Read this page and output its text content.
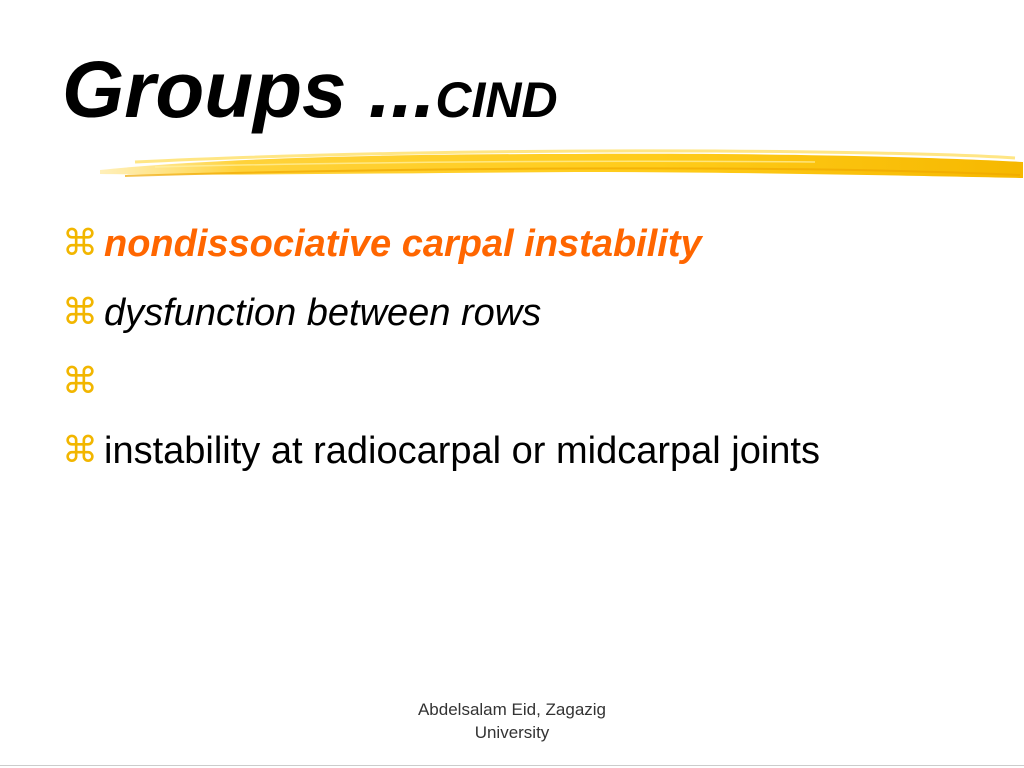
Groups ...CIND
⌘ nondissociative carpal instability
⌘ dysfunction between rows
⌘
⌘ instability at radiocarpal or midcarpal joints
Abdelsalam Eid, Zagazig
University
